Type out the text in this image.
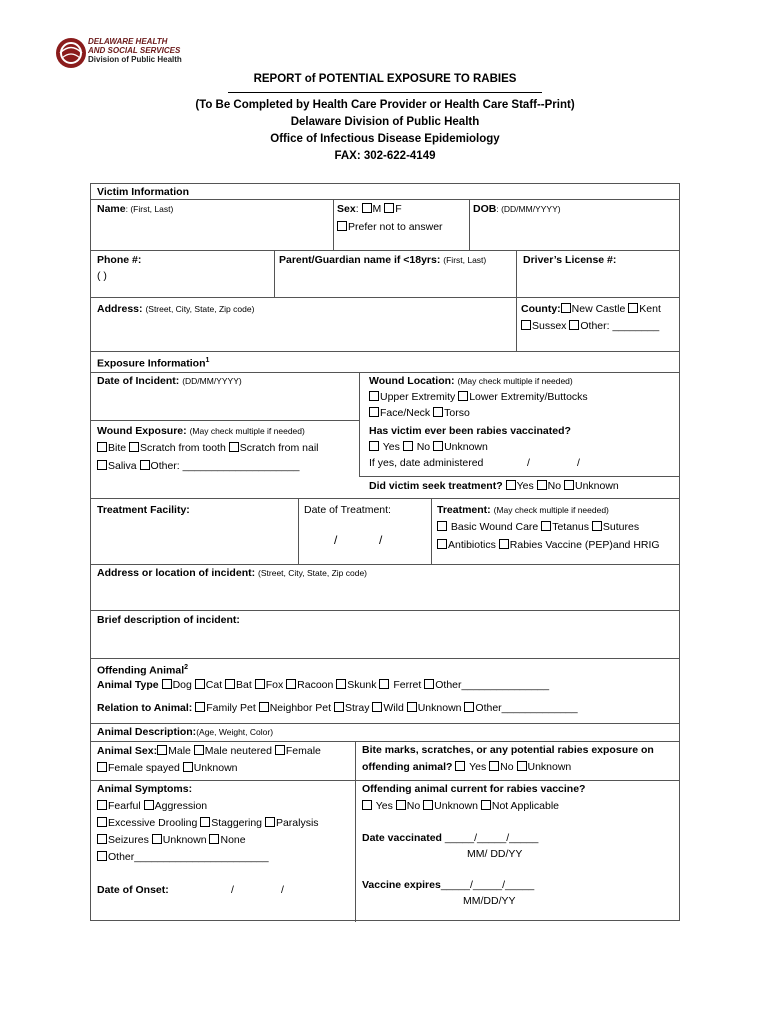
DELAWARE HEALTH
AND SOCIAL SERVICES
Division of Public Health
REPORT of POTENTIAL EXPOSURE TO RABIES
(To Be Completed by Health Care Provider or Health Care Staff--Print)
Delaware Division of Public Health
Office of Infectious Disease Epidemiology
FAX: 302-622-4149
Victim Information
Name: (First, Last)	Sex: M F
Prefer not to answer
DOB: (DD/MM/YYYY)
Phone #:
( )
Parent/Guardian name if <18yrs: (First, Last)	Driver’s License #:
Address: (Street, City, State, Zip code)	County: New Castle Kent
Sussex Other: ________
Exposure Information$^1$
Date of Incident: (DD/MM/YYYY)	Wound Location: (May check multiple if needed)
Upper Extremity Lower Extremity/Buttocks
Face/Neck Torso
Wound Exposure: (May check multiple if needed)
Bite Scratch from tooth Scratch from nail
Saliva Other: ____________________
Has victim ever been rabies vaccinated?
Yes No Unknown
If yes, date administered	/	/
Did victim seek treatment? Yes No Unknown
Treatment Facility:	Date of Treatment:
/	/
Treatment: (May check multiple if needed)
Basic Wound Care Tetanus Sutures
Antibiotics Rabies Vaccine (PEP)and HRIG
Address or location of incident: (Street, City, State, Zip code)
Brief description of incident:
Offending Animal$^2$
Animal Type Dog Cat Bat Fox Racoon Skunk Ferret Other_______________
Relation to Animal: Family Pet Neighbor Pet Stray Wild Unknown Other_____________
Animal Description:(Age, Weight, Color)
Animal Sex: Male Male neutered Female
Female spayed Unknown
Bite marks, scratches, or any potential rabies exposure on
offending animal? Yes No Unknown
Animal Symptoms:
Fearful Aggression
Excessive Drooling Staggering Paralysis
Seizures Unknown None
Other_______________________
Date of Onset:	/	/
Offending animal current for rabies vaccine?
Yes No Unknown Not Applicable
Date vaccinated _____/_____/_____
MM/ DD/YY
Vaccine expires_____/_____/_____
MM/DD/YY
